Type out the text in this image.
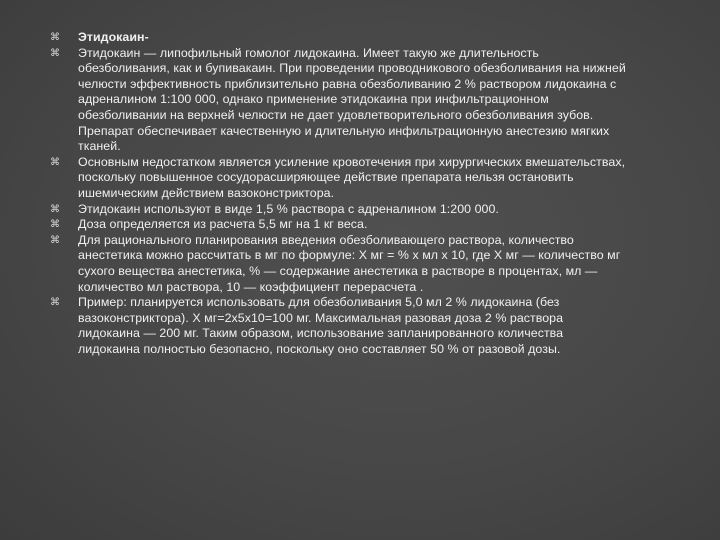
⌘ Этидокаин-
⌘ Этидокаин — липофильный гомолог лидокаина. Имеет такую же длительность обезболивания, как и бупивакаин. При проведении проводникового обезболивания на нижней челюсти эффективность приблизительно равна обезболиванию 2 % раствором лидокаина с адреналином 1:100 000, однако применение этидокаина при инфильтрационном обезболивании на верхней челюсти не дает удовлетворительного обезболивания зубов. Препарат обеспечивает качественную и длительную инфильтрационную анестезию мягких тканей.
⌘ Основным недостатком является усиление кровотечения при хирургических вмешательствах, поскольку повышенное сосудорасширяющее действие препарата нельзя остановить ишемическим действием вазоконстриктора.
⌘ Этидокаин используют в виде 1,5 % раствора с адреналином 1:200 000.
⌘ Доза определяется из расчета 5,5 мг на 1 кг веса.
⌘ Для рационального планирования введения обезболивающего раствора, количество анестетика можно рассчитать в мг по формуле: X мг = % х мл х 10, где X мг — количество мг сухого вещества анестетика, % — содержание анестетика в растворе в процентах, мл — количество мл раствора, 10 — коэффициент перерасчета .
⌘ Пример: планируется использовать для обезболивания 5,0 мл 2 % лидокаина (без вазоконстриктора). X мг=2x5x10=100 мг. Максимальная разовая доза 2 % раствора лидокаина — 200 мг. Таким образом, использование запланированного количества лидокаина полностью безопасно, поскольку оно составляет 50 % от разовой дозы.
